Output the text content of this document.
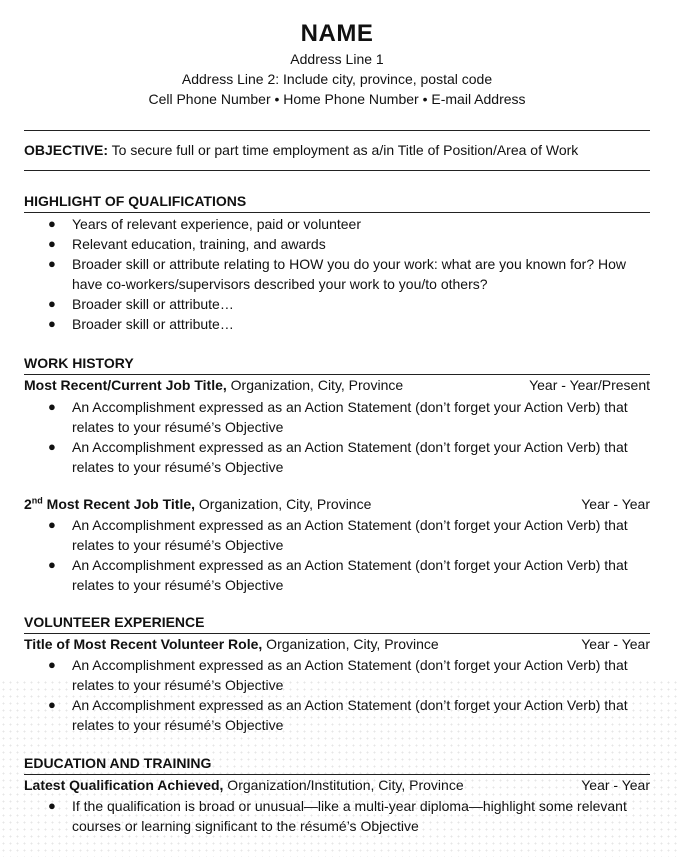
NAME
Address Line 1
Address Line 2: Include city, province, postal code
Cell Phone Number • Home Phone Number • E-mail Address
OBJECTIVE: To secure full or part time employment as a/in Title of Position/Area of Work
HIGHLIGHT OF QUALIFICATIONS
● Years of relevant experience, paid or volunteer
● Relevant education, training, and awards
● Broader skill or attribute relating to HOW you do your work: what are you known for? How have co-workers/supervisors described your work to you/to others?
● Broader skill or attribute…
● Broader skill or attribute…
WORK HISTORY
Most Recent/Current Job Title, Organization, City, Province	Year - Year/Present
● An Accomplishment expressed as an Action Statement (don’t forget your Action Verb) that relates to your résumé’s Objective
● An Accomplishment expressed as an Action Statement (don’t forget your Action Verb) that relates to your résumé’s Objective
2nd Most Recent Job Title, Organization, City, Province	Year - Year
● An Accomplishment expressed as an Action Statement (don’t forget your Action Verb) that relates to your résumé’s Objective
● An Accomplishment expressed as an Action Statement (don’t forget your Action Verb) that relates to your résumé’s Objective
VOLUNTEER EXPERIENCE
Title of Most Recent Volunteer Role, Organization, City, Province	Year - Year
● An Accomplishment expressed as an Action Statement (don’t forget your Action Verb) that relates to your résumé’s Objective
● An Accomplishment expressed as an Action Statement (don’t forget your Action Verb) that relates to your résumé’s Objective
EDUCATION AND TRAINING
Latest Qualification Achieved, Organization/Institution, City, Province	Year - Year
● If the qualification is broad or unusual—like a multi-year diploma—highlight some relevant courses or learning significant to the résumé’s Objective
